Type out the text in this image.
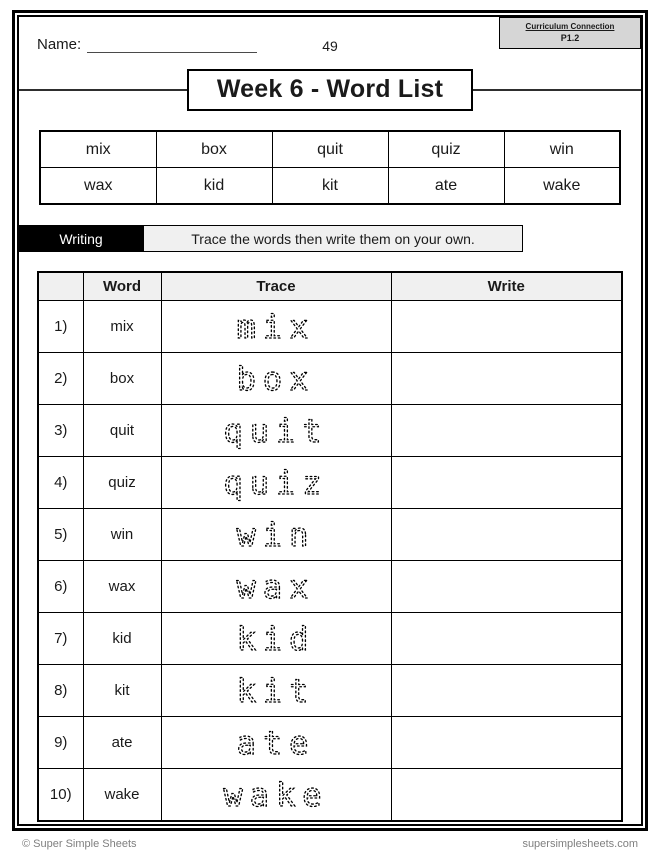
Curriculum Connection
P1.2
49
Name:
Week 6 - Word List
mix	box	quit	quiz	win
wax	kid	kit	ate	wake
Writing	Trace the words then write them on your own.
	Word	Trace	Write
1)	mix	mix	

2)	box	box	

3)	quit	quit	

4)	quiz	quiz	

5)	win	win	

6)	wax	wax	

7)	kid	kid	

8)	kit	kit	

9)	ate	ate	

10)	wake	wake	

© Super Simple Sheets	supersimplesheets.com
